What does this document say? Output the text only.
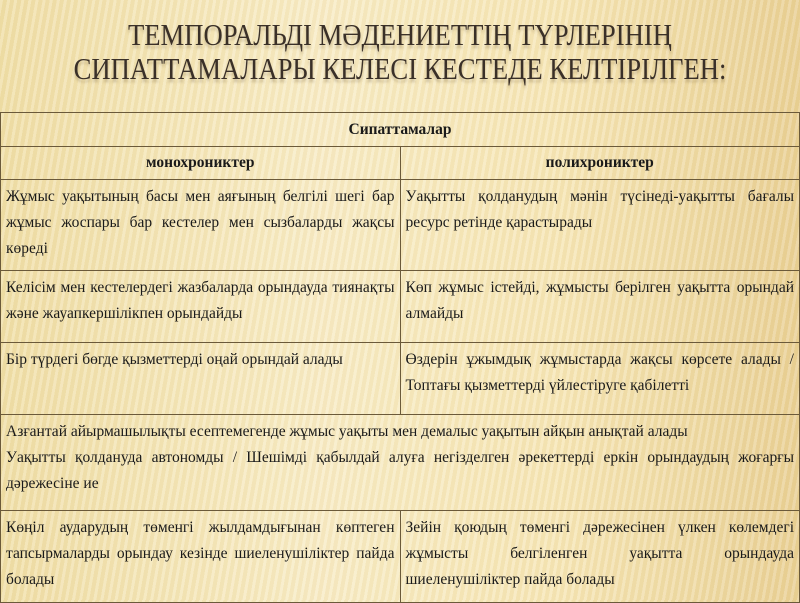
ТЕМПОРАЛЬДІ МӘДЕНИЕТТІҢ ТҮРЛЕРІНІҢ
СИПАТТАМАЛАРЫ КЕЛЕСІ КЕСТЕДЕ КЕЛТІРІЛГЕН:
Сипаттамалар	
монохрониктер	полихрониктер
Жұмыс уақытының басы мен аяғының белгілі шегі бар жұмыс жоспары бар кестелер мен сызбаларды жақсы көреді	Уақытты қолданудың мәнін түсінеді-уақытты бағалы ресурс ретінде қарастырады
Келісім мен кестелердегі жазбаларда орындауда тиянақты және жауапкершілікпен орындайды	Көп жұмыс істейді, жұмысты берілген уақытта орындай алмайды
Бір түрдегі бөгде қызметтерді оңай орындай алады	Өздерін ұжымдық жұмыстарда жақсы көрсете алады / Топтағы қызметтерді үйлестіруге қабілетті

Азғантай айырмашылықты есептемегенде жұмыс уақыты мен демалыс уақытын айқын анықтай алады
Уақытты қолдануда автономды / Шешімді қабылдай алуға негізделген әрекеттерді еркін орындаудың жоғарғы дәрежесіне ие	

Көңіл аударудың төменгі жылдамдығынан көптеген тапсырмаларды орындау кезінде шиеленушіліктер пайда болады	Зейін қоюдың төменгі дәрежесінен үлкен көлемдегі жұмысты белгіленген уақытта орындауда шиеленушіліктер пайда болады
